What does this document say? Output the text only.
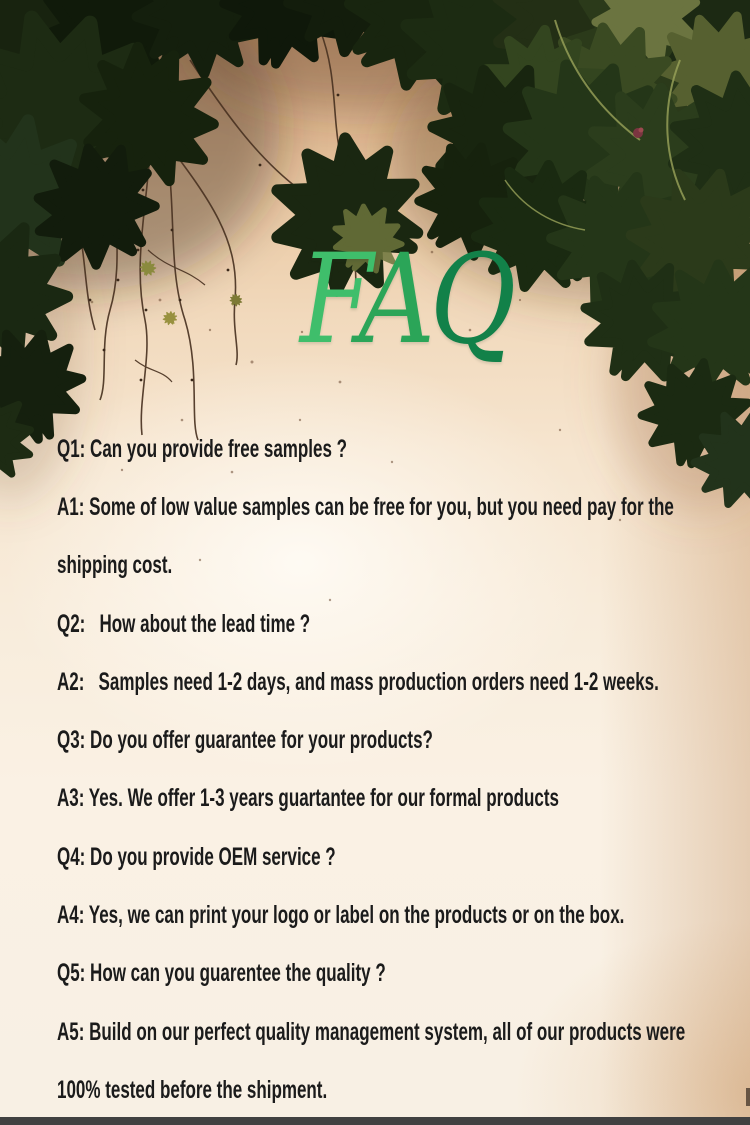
FAQ
Q1: Can you provide free samples ?
A1: Some of low value samples can be free for you, but you need pay for the
shipping cost.
Q2:   How about the lead time ?
A2:   Samples need 1-2 days, and mass production orders need 1-2 weeks.
Q3: Do you offer guarantee for your products?
A3: Yes. We offer 1-3 years guartantee for our formal products
Q4: Do you provide OEM service ?
A4: Yes, we can print your logo or label on the products or on the box.
Q5: How can you guarentee the quality ?
A5: Build on our perfect quality management system, all of our products were
100% tested before the shipment.
